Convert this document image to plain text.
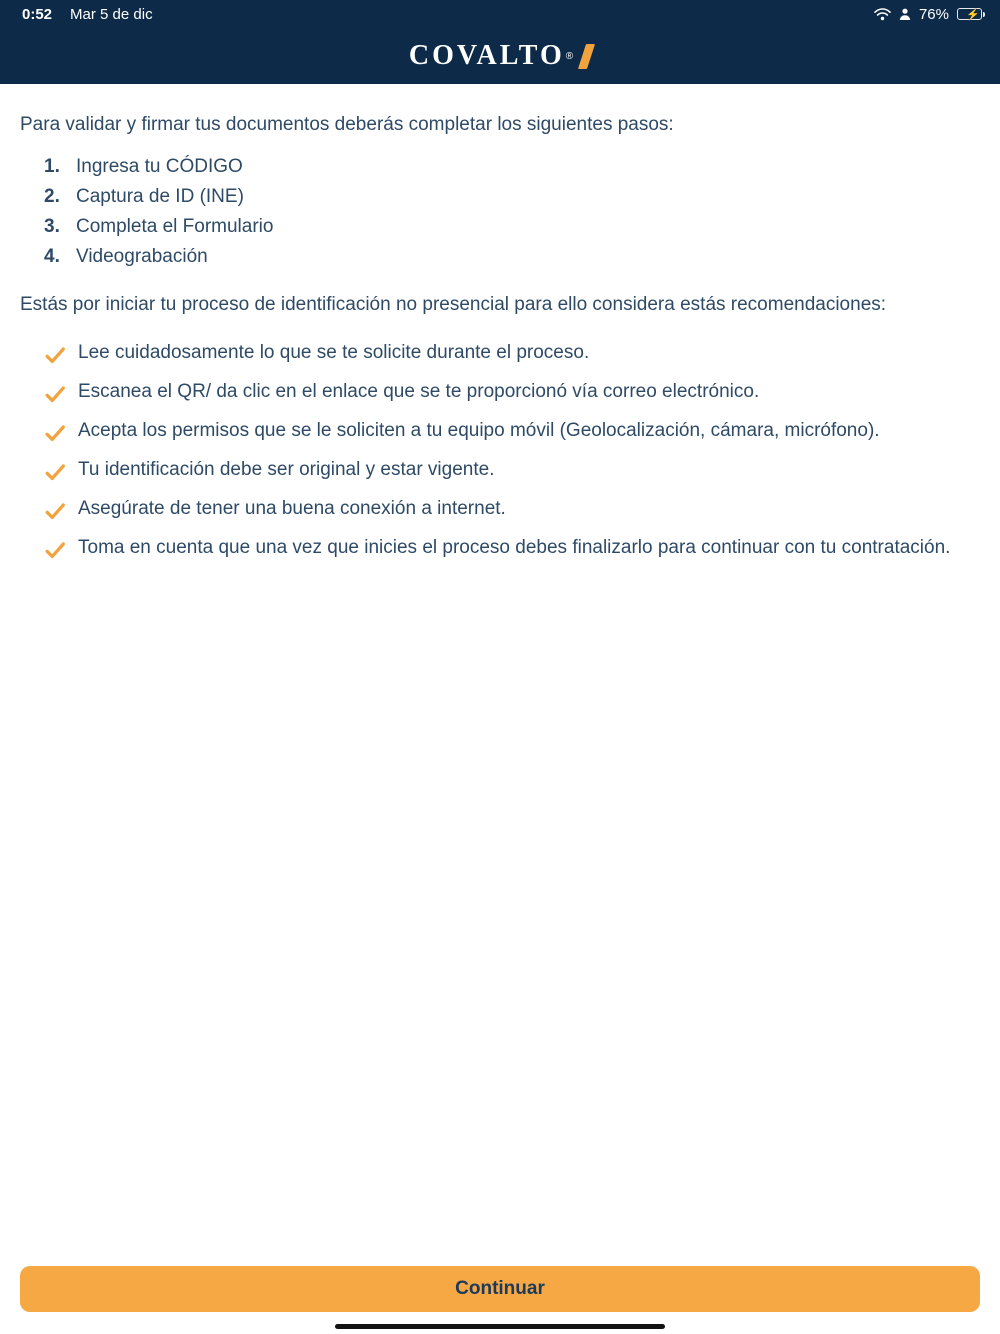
0:52 Mar 5 de dic	76% ⚡
COVALTO ®

Para validar y firmar tus documentos deberás completar los siguientes pasos:

1. Ingresa tu CÓDIGO
2. Captura de ID (INE)
3. Completa el Formulario
4. Videograbación

Estás por iniciar tu proceso de identificación no presencial para ello considera estás recomendaciones:

Lee cuidadosamente lo que se te solicite durante el proceso.
Escanea el QR/ da clic en el enlace que se te proporcionó vía correo electrónico.
Acepta los permisos que se le soliciten a tu equipo móvil (Geolocalización, cámara, micrófono).
Tu identificación debe ser original y estar vigente.
Asegúrate de tener una buena conexión a internet.
Toma en cuenta que una vez que inicies el proceso debes finalizarlo para continuar con tu contratación.
Continuar
